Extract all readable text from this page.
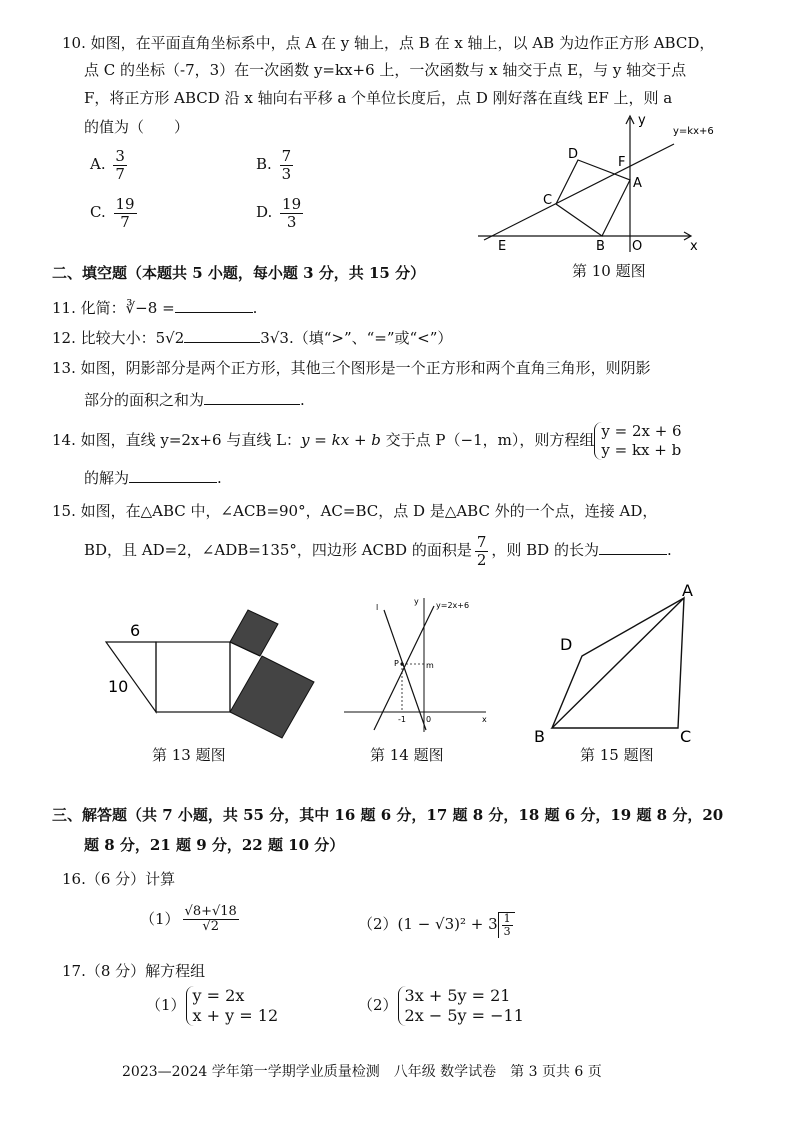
10. 如图，在平面直角坐标系中，点 A 在 y 轴上，点 B 在 x 轴上，以 AB 为边作正方形 ABCD，
点 C 的坐标（-7，3）在一次函数 y=kx+6 上，一次函数与 x 轴交于点 E，与 y 轴交于点
F，将正方形 ABCD 沿 x 轴向右平移 a 个单位长度后，点 D 刚好落在直线 EF 上，则 a
的值为（　　）
A. $\frac{3}{7}$	B. $\frac{7}{3}$
C. $\frac{19}{7}$	D. $\frac{19}{3}$
y=kx+6
y
x
D
F
A
C
E	B O
第 10 题图
二、填空题（本题共 5 小题，每小题 3 分，共 15 分）
11. 化简：∛−8 =	.
12. 比较大小：5√2	3√3.（填“>”、“=”或“<”）
13. 如图，阴影部分是两个正方形，其他三个图形是一个正方形和两个直角三角形，则阴影
部分的面积之和为	.
14. 如图，直线 y=2x+6 与直线 L：y = kx + b 交于点 P（−1，m），则方程组 y = 2x + 6
y = kx + b
的解为	.
15. 如图，在△ABC 中，∠ACB=90°，AC=BC，点 D 是△ABC 外的一个点，连接 AD，
BD，且 AD=2，∠ADB=135°，四边形 ACBD 的面积是 $\frac{7}{2}$ ，则 BD 的长为	.
6
10
第 13 题图
l
y y=2x+6
P	m
-1	0	x
第 14 题图
A
D
B	C
第 15 题图
三、解答题（共 7 小题，共 55 分，其中 16 题 6 分，17 题 8 分，18 题 6 分，19 题 8 分，20
题 8 分，21 题 9 分，22 题 10 分）
16.（6 分）计算
$(1) \frac{√8+√18}{√2}$	$(2)(1 - √3)^2 + 3 \frac{1}{3}$
17.（8 分）解方程组
（1） y = 2x
x + y = 12
（2） 3x + 5y = 21
2x − 5y = −11
2023—2024 学年第一学期学业质量检测　八年级 数学试卷　第 3 页共 6 页
